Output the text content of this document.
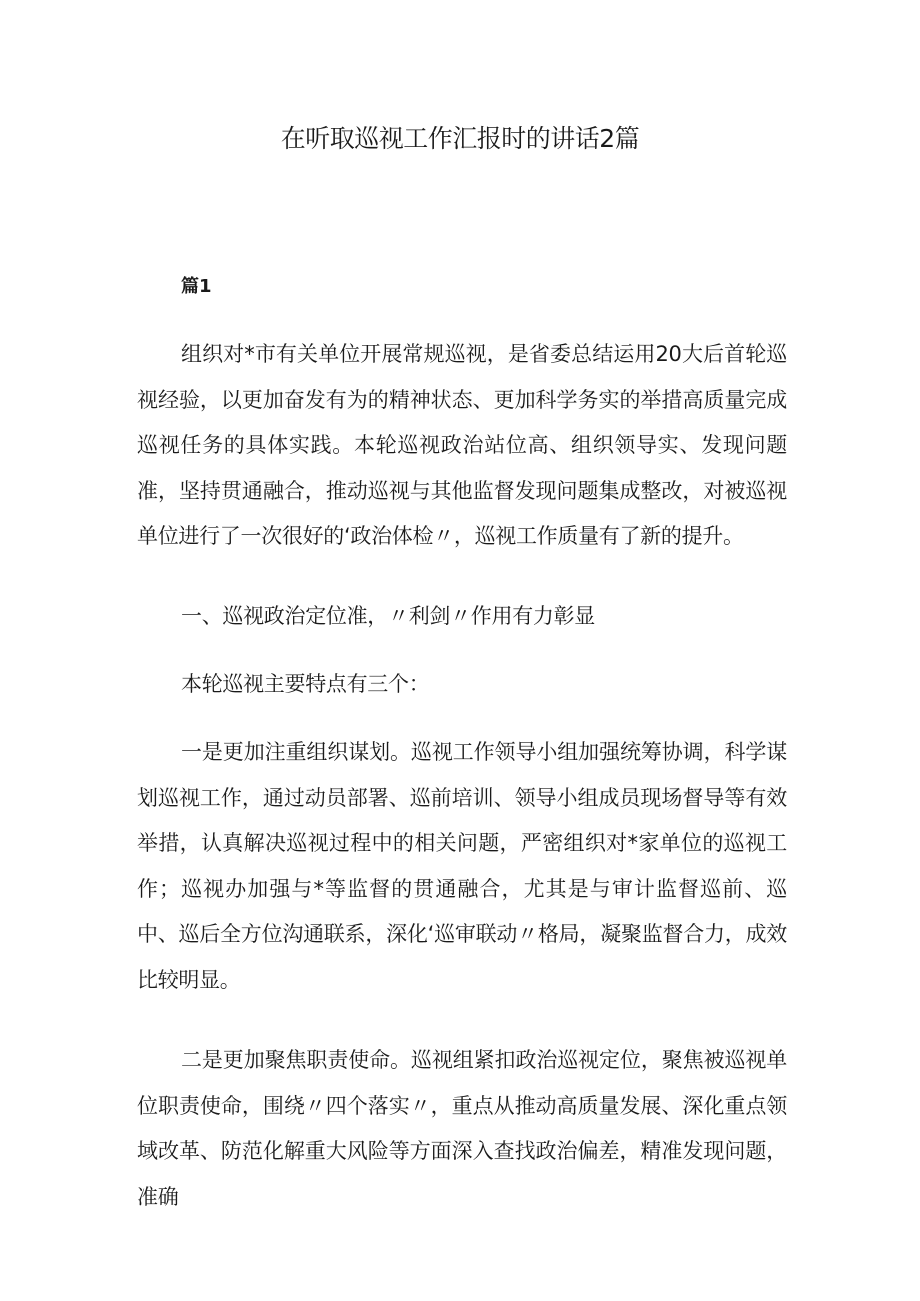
在听取巡视工作汇报时的讲话2篇

篇1

组织对*市有关单位开展常规巡视，是省委总结运用20大后首轮巡视经验，以更加奋发有为的精神状态、更加科学务实的举措高质量完成巡视任务的具体实践。本轮巡视政治站位高、组织领导实、发现问题准，坚持贯通融合，推动巡视与其他监督发现问题集成整改，对被巡视单位进行了一次很好的‘政治体检〃，巡视工作质量有了新的提升。

一、巡视政治定位准，〃利剑〃作用有力彰显

本轮巡视主要特点有三个：

一是更加注重组织谋划。巡视工作领导小组加强统筹协调，科学谋划巡视工作，通过动员部署、巡前培训、领导小组成员现场督导等有效举措，认真解决巡视过程中的相关问题，严密组织对*家单位的巡视工作；巡视办加强与*等监督的贯通融合，尤其是与审计监督巡前、巡中、巡后全方位沟通联系，深化‘巡审联动〃格局，凝聚监督合力，成效比较明显。

二是更加聚焦职责使命。巡视组紧扣政治巡视定位，聚焦被巡视单位职责使命，围绕〃四个落实〃，重点从推动高质量发展、深化重点领域改革、防范化解重大风险等方面深入查找政治偏差，精准发现问题，准确
